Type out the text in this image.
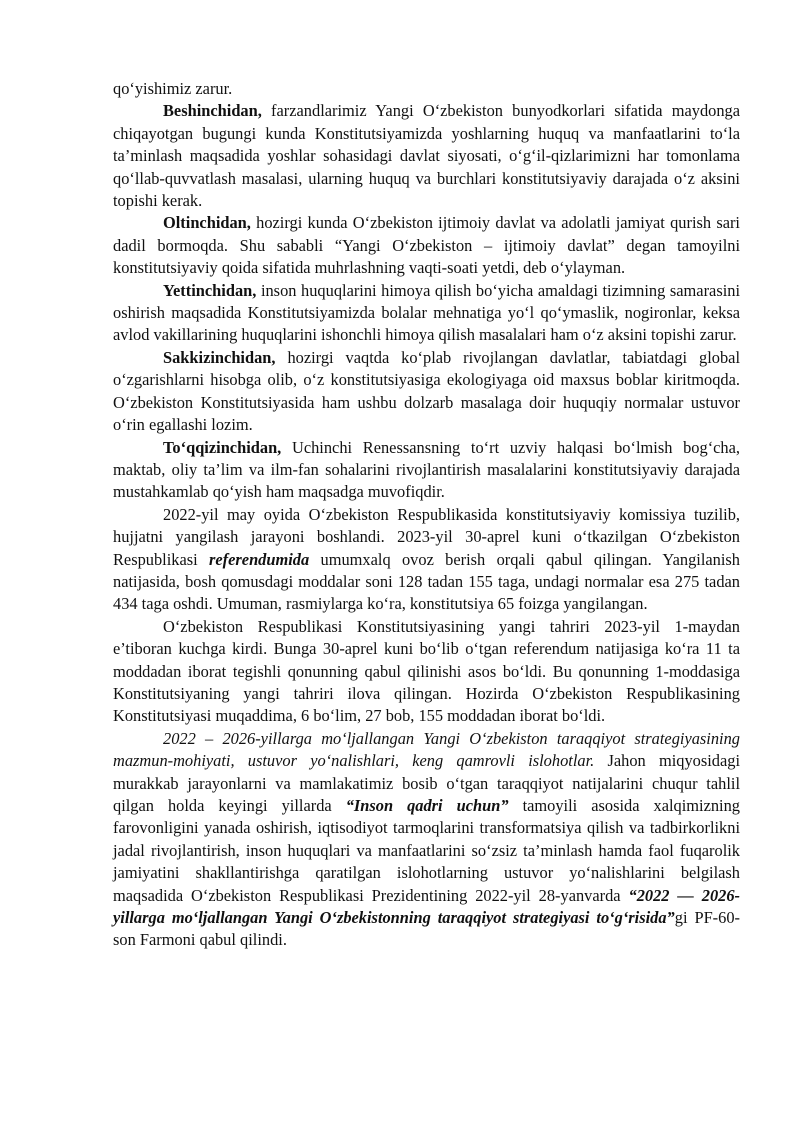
qo‘yishimiz zarur.

Beshinchidan, farzandlarimiz Yangi O‘zbekiston bunyodkorlari sifatida maydonga chiqayotgan bugungi kunda Konstitutsiyamizda yoshlarning huquq va manfaatlarini to‘la ta’minlash maqsadida yoshlar sohasidagi davlat siyosati, o‘g‘il-qizlarimizni har tomonlama qo‘llab-quvvatlash masalasi, ularning huquq va burchlari konstitutsiyaviy darajada o‘z aksini topishi kerak.

Oltinchidan, hozirgi kunda O‘zbekiston ijtimoiy davlat va adolatli jamiyat qurish sari dadil bormoqda. Shu sababli “Yangi O‘zbekiston – ijtimoiy davlat” degan tamoyilni konstitutsiyaviy qoida sifatida muhrlashning vaqti-soati yetdi, deb o‘ylayman.

Yettinchidan, inson huquqlarini himoya qilish bo‘yicha amaldagi tizimning samarasini oshirish maqsadida Konstitutsiyamizda bolalar mehnatiga yo‘l qo‘ymaslik, nogironlar, keksa avlod vakillarining huquqlarini ishonchli himoya qilish masalalari ham o‘z aksini topishi zarur.

Sakkizinchidan, hozirgi vaqtda ko‘plab rivojlangan davlatlar, tabiatdagi global o‘zgarishlarni hisobga olib, o‘z konstitutsiyasiga ekologiyaga oid maxsus boblar kiritmoqda. O‘zbekiston Konstitutsiyasida ham ushbu dolzarb masalaga doir huquqiy normalar ustuvor o‘rin egallashi lozim.

To‘qqizinchidan, Uchinchi Renessansning to‘rt uzviy halqasi bo‘lmish bog‘cha, maktab, oliy ta’lim va ilm-fan sohalarini rivojlantirish masalalarini konstitutsiyaviy darajada mustahkamlab qo‘yish ham maqsadga muvofiqdir.

2022-yil may oyida O‘zbekiston Respublikasida konstitutsiyaviy komissiya tuzilib, hujjatni yangilash jarayoni boshlandi. 2023-yil 30-aprel kuni o‘tkazilgan O‘zbekiston Respublikasi referendumida umumxalq ovoz berish orqali qabul qilingan. Yangilanish natijasida, bosh qomusdagi moddalar soni 128 tadan 155 taga, undagi normalar esa 275 tadan 434 taga oshdi. Umuman, rasmiylarga ko‘ra, konstitutsiya 65 foizga yangilangan.

O‘zbekiston Respublikasi Konstitutsiyasining yangi tahriri 2023-yil 1-maydan e’tiboran kuchga kirdi. Bunga 30-aprel kuni bo‘lib o‘tgan referendum natijasiga ko‘ra 11 ta moddadan iborat tegishli qonunning qabul qilinishi asos bo‘ldi. Bu qonunning 1-moddasiga Konstitutsiyaning yangi tahriri ilova qilingan. Hozirda O‘zbekiston Respublikasining Konstitutsiyasi muqaddima, 6 bo‘lim, 27 bob, 155 moddadan iborat bo‘ldi.

2022 – 2026-yillarga mo‘ljallangan Yangi O‘zbekiston taraqqiyot strategiyasining mazmun-mohiyati, ustuvor yo‘nalishlari, keng qamrovli islohotlar. Jahon miqyosidagi murakkab jarayonlarni va mamlakatimiz bosib o‘tgan taraqqiyot natijalarini chuqur tahlil qilgan holda keyingi yillarda “Inson qadri uchun” tamoyili asosida xalqimizning farovonligini yanada oshirish, iqtisodiyot tarmoqlarini transformatsiya qilish va tadbirkorlikni jadal rivojlantirish, inson huquqlari va manfaatlarini so‘zsiz ta’minlash hamda faol fuqarolik jamiyatini shakllantirishga qaratilgan islohotlarning ustuvor yo‘nalishlarini belgilash maqsadida O‘zbekiston Respublikasi Prezidentining 2022-yil 28-yanvarda “2022 — 2026-yillarga mo‘ljallangan Yangi O‘zbekistonning taraqqiyot strategiyasi to‘g‘risida”gi PF-60-son Farmoni qabul qilindi.
